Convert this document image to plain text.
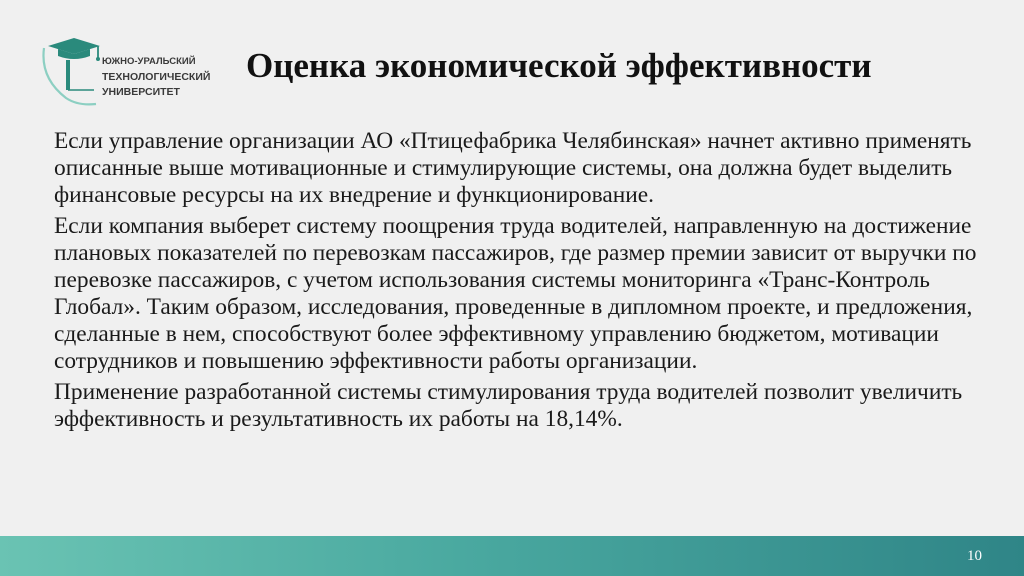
ЮЖНО-УРАЛЬСКИЙ
ТЕХНОЛОГИЧЕСКИЙ
УНИВЕРСИТЕТ
Оценка экономической эффективности

Если управление организации АО «Птицефабрика Челябинская» начнет активно применять описанные выше мотивационные и стимулирующие системы, она должна будет выделить финансовые ресурсы на их внедрение и функционирование.

Если компания выберет систему поощрения труда водителей, направленную на достижение плановых показателей по перевозкам пассажиров, где размер премии зависит от выручки по перевозке пассажиров, с учетом использования системы мониторинга «Транс-Контроль Глобал». Таким образом, исследования, проведенные в дипломном проекте, и предложения, сделанные в нем, способствуют более эффективному управлению бюджетом, мотивации сотрудников и повышению эффективности работы организации.

Применение разработанной системы стимулирования труда водителей позволит увеличить эффективность и результативность их работы на 18,14%.

10
